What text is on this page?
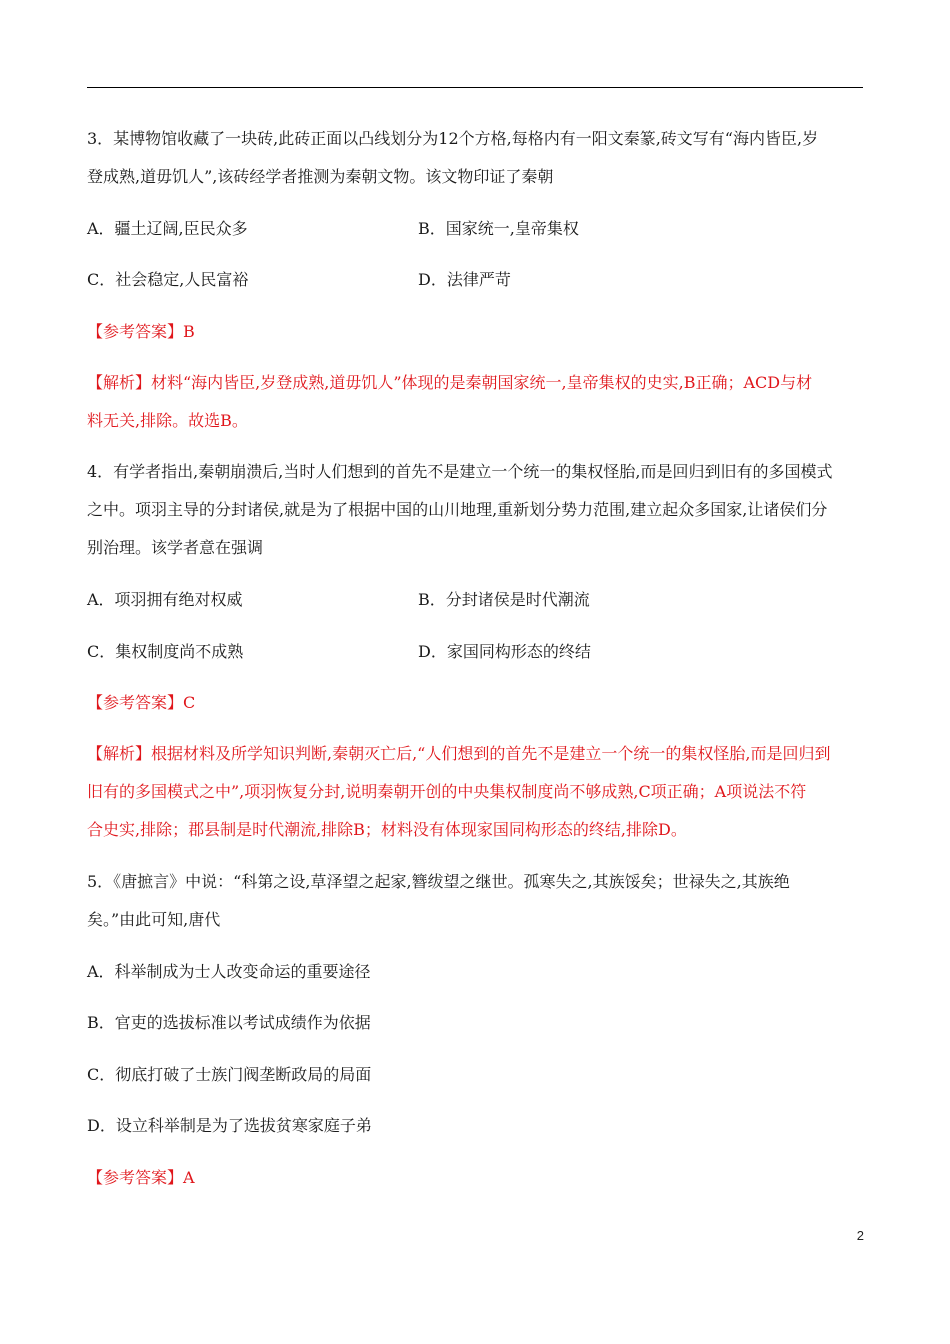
3．某博物馆收藏了一块砖,此砖正面以凸线划分为12个方格,每格内有一阳文秦篆,砖文写有“海内皆臣,岁
登成熟,道毋饥人”,该砖经学者推测为秦朝文物。该文物印证了秦朝
A．疆土辽阔,臣民众多	B．国家统一,皇帝集权
C．社会稳定,人民富裕	D．法律严苛
【参考答案】B
【解析】材料“海内皆臣,岁登成熟,道毋饥人”体现的是秦朝国家统一,皇帝集权的史实,B正确；ACD与材
料无关,排除。故选B。
4．有学者指出,秦朝崩溃后,当时人们想到的首先不是建立一个统一的集权怪胎,而是回归到旧有的多国模式
之中。项羽主导的分封诸侯,就是为了根据中国的山川地理,重新划分势力范围,建立起众多国家,让诸侯们分
别治理。该学者意在强调
A．项羽拥有绝对权威	B．分封诸侯是时代潮流
C．集权制度尚不成熟	D．家国同构形态的终结
【参考答案】C
【解析】根据材料及所学知识判断,秦朝灭亡后,“人们想到的首先不是建立一个统一的集权怪胎,而是回归到
旧有的多国模式之中”,项羽恢复分封,说明秦朝开创的中央集权制度尚不够成熟,C项正确；A项说法不符
合史实,排除；郡县制是时代潮流,排除B；材料没有体现家国同构形态的终结,排除D。
5．《唐摭言》中说：“科第之设,草泽望之起家,簪绂望之继世。孤寒失之,其族馁矣；世禄失之,其族绝
矣。”由此可知,唐代
A．科举制成为士人改变命运的重要途径
B．官吏的选拔标准以考试成绩作为依据
C．彻底打破了士族门阀垄断政局的局面
D．设立科举制是为了选拔贫寒家庭子弟
【参考答案】A
2
